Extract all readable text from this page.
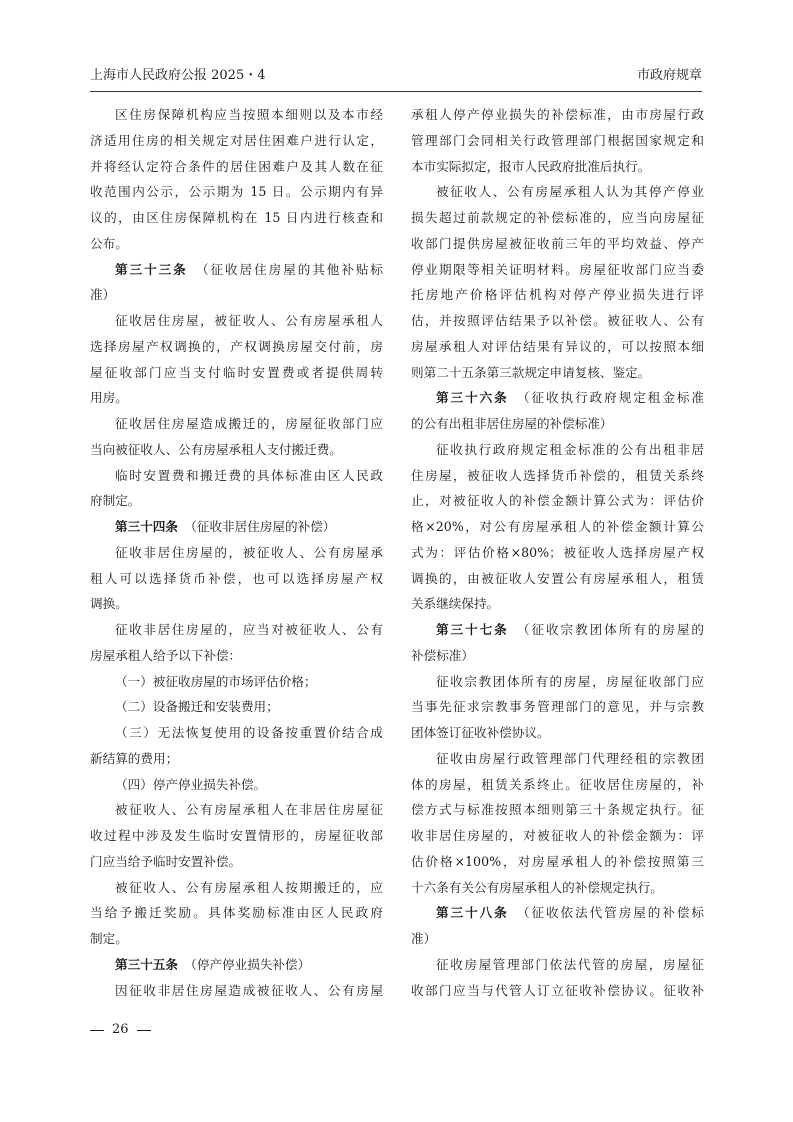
上海市人民政府公报 2025・4	市政府规章
区住房保障机构应当按照本细则以及本市经
济适用住房的相关规定对居住困难户进行认定，
并将经认定符合条件的居住困难户及其人数在征
收范围内公示，公示期为 15 日。公示期内有异
议的，由区住房保障机构在 15 日内进行核查和
公布。
第三十三条　（征收居住房屋的其他补贴标
准）
征收居住房屋，被征收人、公有房屋承租人
选择房屋产权调换的，产权调换房屋交付前，房
屋征收部门应当支付临时安置费或者提供周转
用房。
征收居住房屋造成搬迁的，房屋征收部门应
当向被征收人、公有房屋承租人支付搬迁费。
临时安置费和搬迁费的具体标准由区人民政
府制定。
第三十四条　（征收非居住房屋的补偿）
征收非居住房屋的，被征收人、公有房屋承
租人可以选择货币补偿，也可以选择房屋产权
调换。
征收非居住房屋的，应当对被征收人、公有
房屋承租人给予以下补偿：
（一）被征收房屋的市场评估价格；
（二）设备搬迁和安装费用；
（三）无法恢复使用的设备按重置价结合成
新结算的费用；
（四）停产停业损失补偿。
被征收人、公有房屋承租人在非居住房屋征
收过程中涉及发生临时安置情形的，房屋征收部
门应当给予临时安置补偿。
被征收人、公有房屋承租人按期搬迁的，应
当给予搬迁奖励。具体奖励标准由区人民政府
制定。
第三十五条　（停产停业损失补偿）
因征收非居住房屋造成被征收人、公有房屋
承租人停产停业损失的补偿标准，由市房屋行政
管理部门会同相关行政管理部门根据国家规定和
本市实际拟定，报市人民政府批准后执行。
被征收人、公有房屋承租人认为其停产停业
损失超过前款规定的补偿标准的，应当向房屋征
收部门提供房屋被征收前三年的平均效益、停产
停业期限等相关证明材料。房屋征收部门应当委
托房地产价格评估机构对停产停业损失进行评
估，并按照评估结果予以补偿。被征收人、公有
房屋承租人对评估结果有异议的，可以按照本细
则第二十五条第三款规定申请复核、鉴定。
第三十六条　（征收执行政府规定租金标准
的公有出租非居住房屋的补偿标准）
征收执行政府规定租金标准的公有出租非居
住房屋，被征收人选择货币补偿的，租赁关系终
止，对被征收人的补偿金额计算公式为：评估价
格×20%，对公有房屋承租人的补偿金额计算公
式为：评估价格×80%；被征收人选择房屋产权
调换的，由被征收人安置公有房屋承租人，租赁
关系继续保持。
第三十七条　（征收宗教团体所有的房屋的
补偿标准）
征收宗教团体所有的房屋，房屋征收部门应
当事先征求宗教事务管理部门的意见，并与宗教
团体签订征收补偿协议。
征收由房屋行政管理部门代理经租的宗教团
体的房屋，租赁关系终止。征收居住房屋的，补
偿方式与标准按照本细则第三十条规定执行。征
收非居住房屋的，对被征收人的补偿金额为：评
估价格×100%，对房屋承租人的补偿按照第三
十六条有关公有房屋承租人的补偿规定执行。
第三十八条　（征收依法代管房屋的补偿标
准）
征收房屋管理部门依法代管的房屋，房屋征
收部门应当与代管人订立征收补偿协议。征收补
26
